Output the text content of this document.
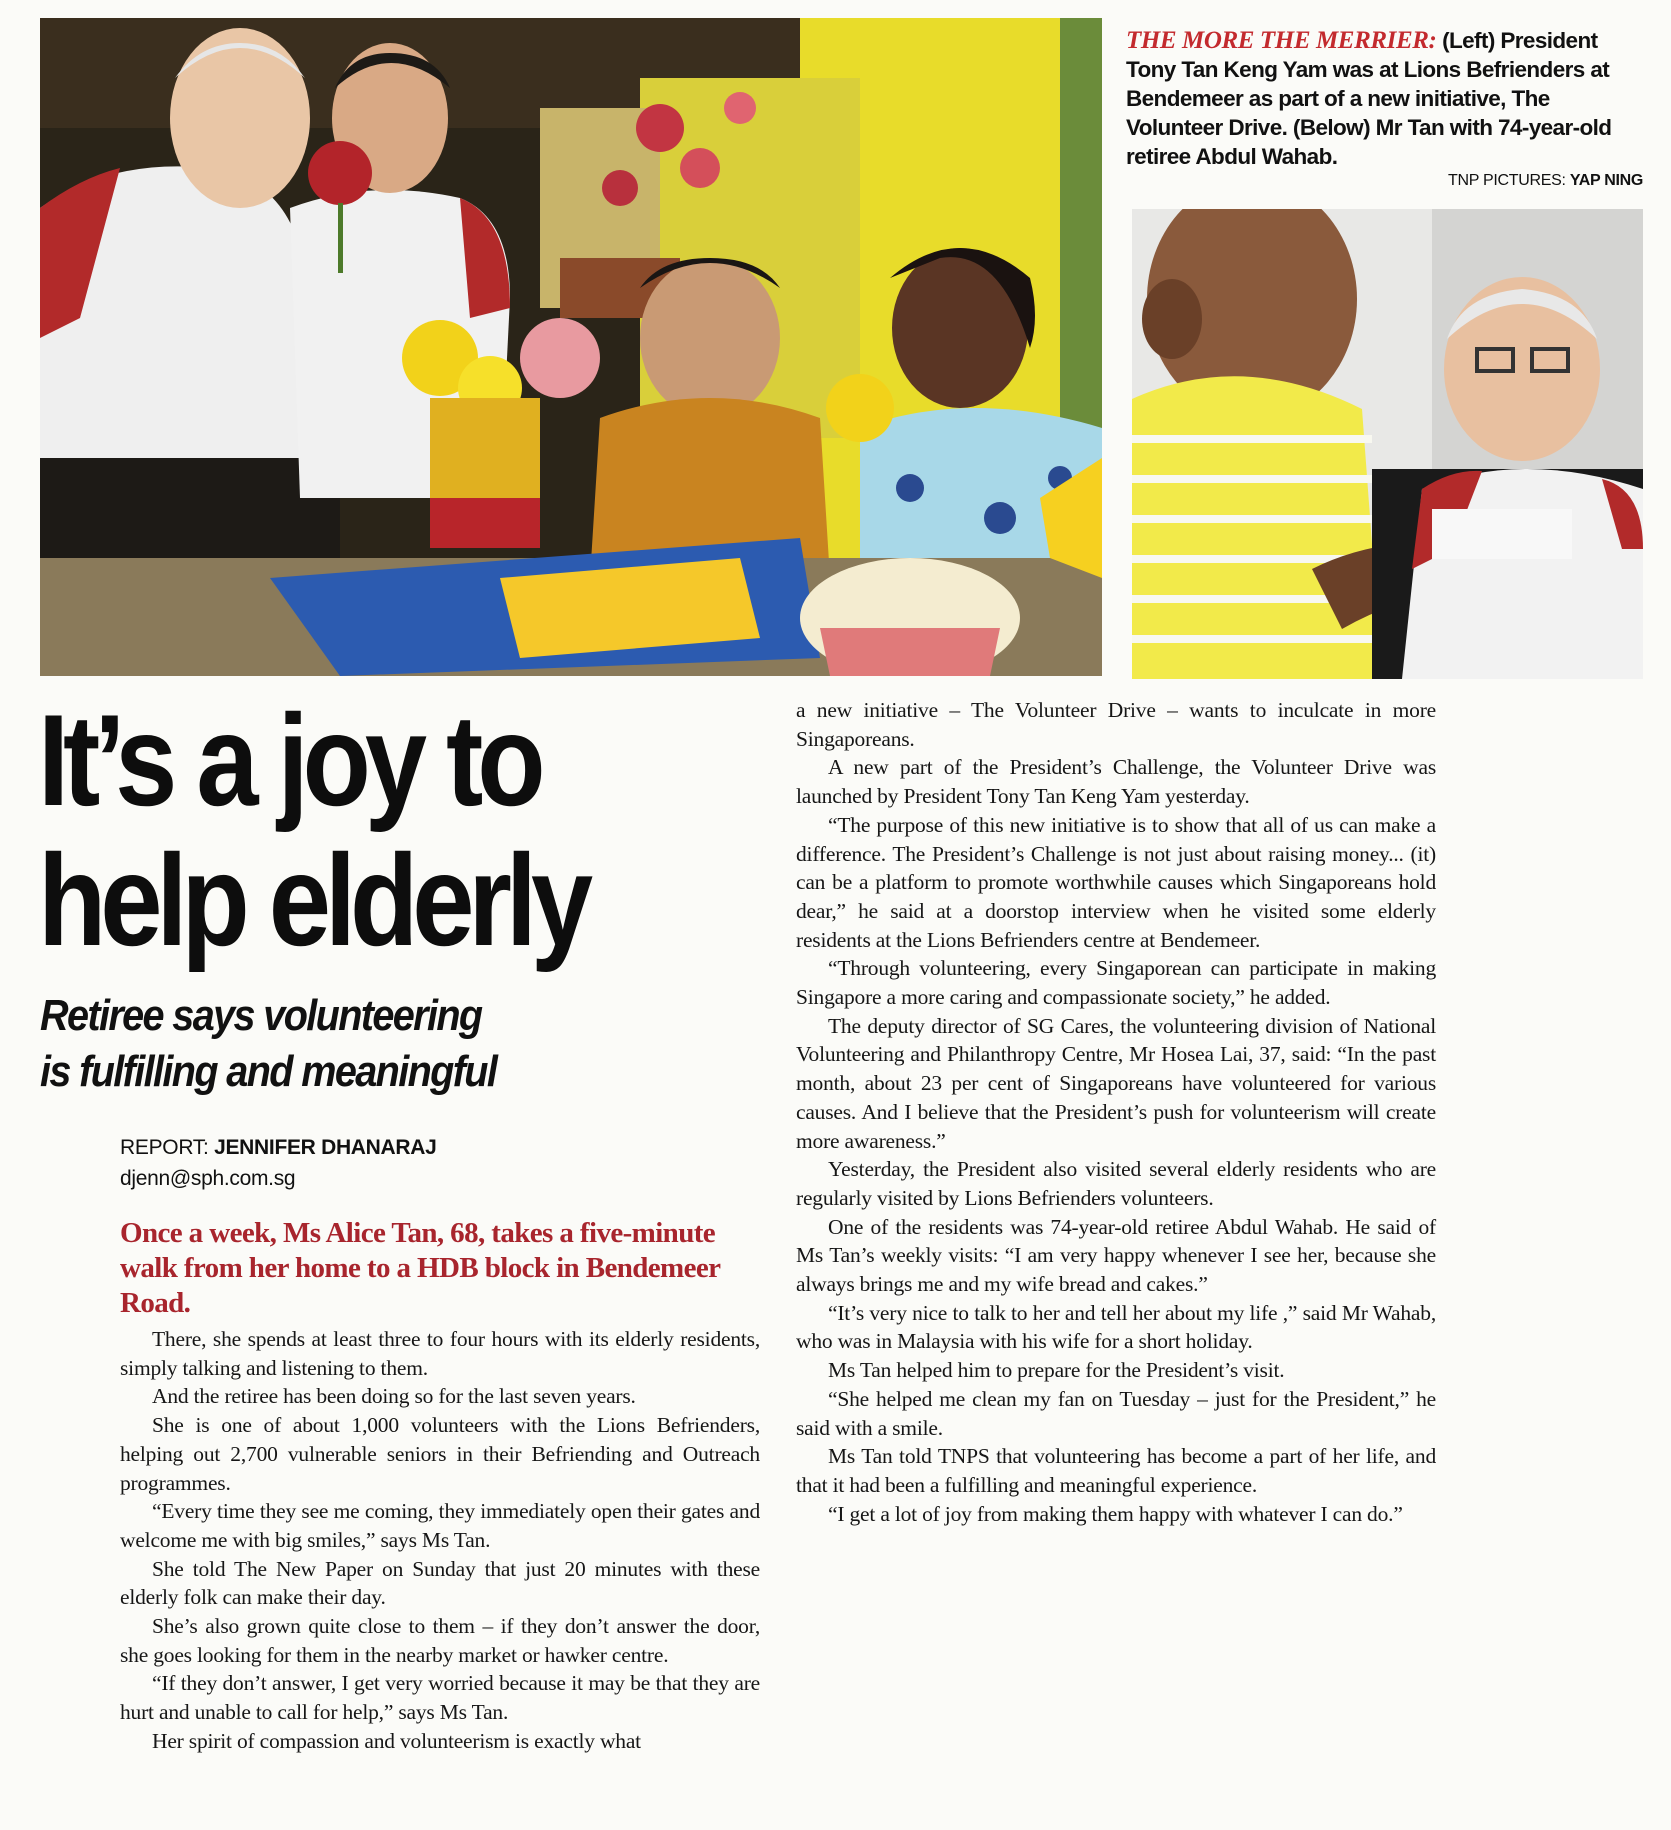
THE MORE THE MERRIER: (Left) President Tony Tan Keng Yam was at Lions Befrienders at Bendemeer as part of a new initiative, The Volunteer Drive. (Below) Mr Tan with 74-year-old retiree Abdul Wahab.
TNP PICTURES: YAP NING
It’s a joy to
help elderly
Retiree says volunteering
is fulfilling and meaningful
REPORT: JENNIFER DHANARAJ
djenn@sph.com.sg
Once a week, Ms Alice Tan, 68, takes a five-minute walk from her home to a HDB block in Bendemeer Road.

There, she spends at least three to four hours with its elderly residents, simply talking and listening to them.

And the retiree has been doing so for the last seven years.

She is one of about 1,000 volunteers with the Lions Befrienders, helping out 2,700 vulnerable seniors in their Befriending and Outreach programmes.

“Every time they see me coming, they immediately open their gates and welcome me with big smiles,” says Ms Tan.

She told The New Paper on Sunday that just 20 minutes with these elderly folk can make their day.

She’s also grown quite close to them – if they don’t answer the door, she goes looking for them in the nearby market or hawker centre.

“If they don’t answer, I get very worried because it may be that they are hurt and unable to call for help,” says Ms Tan.

Her spirit of compassion and volunteerism is exactly what

a new initiative – The Volunteer Drive – wants to inculcate in more Singaporeans.

A new part of the President’s Challenge, the Volunteer Drive was launched by President Tony Tan Keng Yam yesterday.

“The purpose of this new initiative is to show that all of us can make a difference. The President’s Challenge is not just about raising money... (it) can be a platform to promote worthwhile causes which Singaporeans hold dear,” he said at a doorstop interview when he visited some elderly residents at the Lions Befrienders centre at Bendemeer.

“Through volunteering, every Singaporean can participate in making Singapore a more caring and compassionate society,” he added.

The deputy director of SG Cares, the volunteering division of National Volunteering and Philanthropy Centre, Mr Hosea Lai, 37, said: “In the past month, about 23 per cent of Singaporeans have volunteered for various causes. And I believe that the President’s push for volunteerism will create more awareness.”

Yesterday, the President also visited several elderly residents who are regularly visited by Lions Befrienders volunteers.

One of the residents was 74-year-old retiree Abdul Wahab. He said of Ms Tan’s weekly visits: “I am very happy whenever I see her, because she always brings me and my wife bread and cakes.”

“It’s very nice to talk to her and tell her about my life ,” said Mr Wahab, who was in Malaysia with his wife for a short holiday.

Ms Tan helped him to prepare for the President’s visit.

“She helped me clean my fan on Tuesday – just for the President,” he said with a smile.

Ms Tan told TNPS that volunteering has become a part of her life, and that it had been a fulfilling and meaningful experience.

“I get a lot of joy from making them happy with whatever I can do.”
